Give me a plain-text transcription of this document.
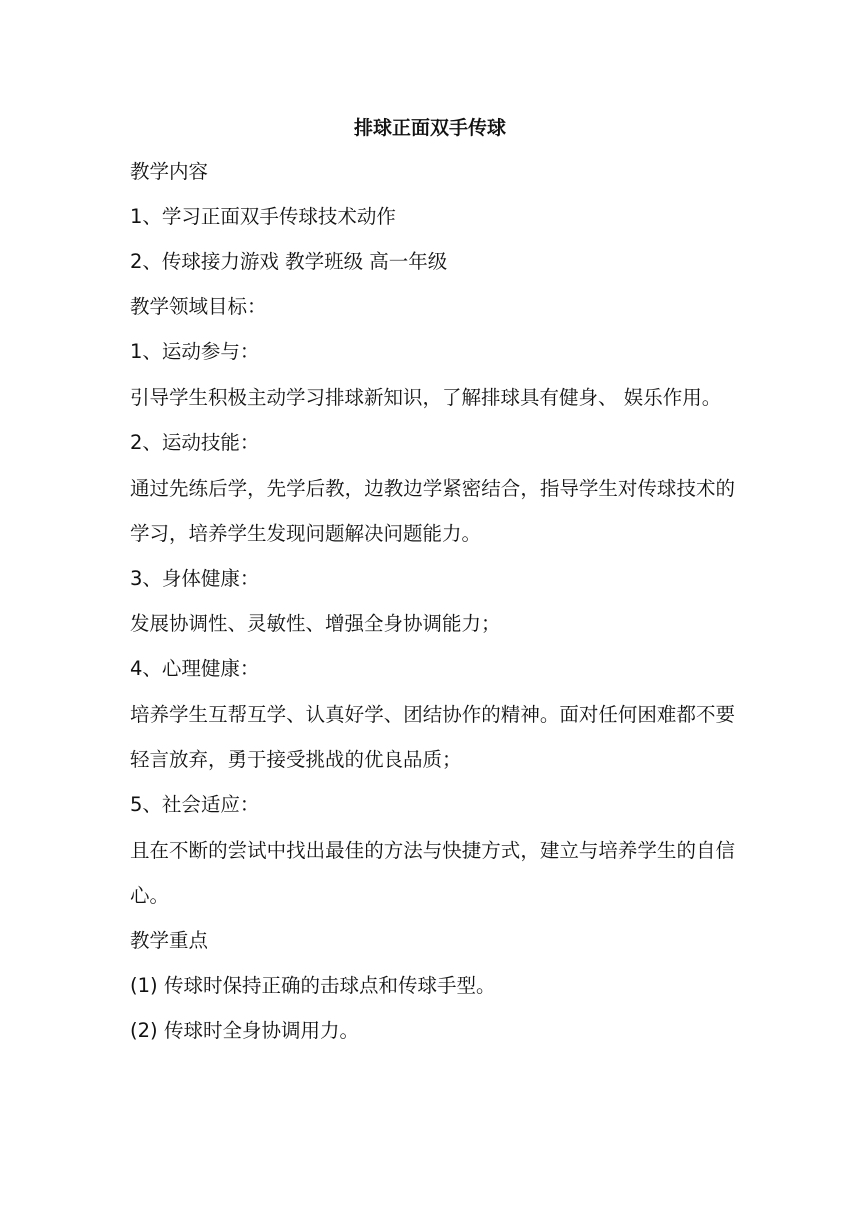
排球正面双手传球

教学内容

1、学习正面双手传球技术动作

2、传球接力游戏 教学班级 高一年级

教学领域目标：

1、运动参与：

引导学生积极主动学习排球新知识，了解排球具有健身、 娱乐作用。

2、运动技能：

通过先练后学，先学后教，边教边学紧密结合，指导学生对传球技术的学习，培养学生发现问题解决问题能力。

3、身体健康：

发展协调性、灵敏性、增强全身协调能力；

4、心理健康：

培养学生互帮互学、认真好学、团结协作的精神。面对任何困难都不要轻言放弃，勇于接受挑战的优良品质；

5、社会适应：

且在不断的尝试中找出最佳的方法与快捷方式，建立与培养学生的自信心。

教学重点

(1) 传球时保持正确的击球点和传球手型。

(2) 传球时全身协调用力。
